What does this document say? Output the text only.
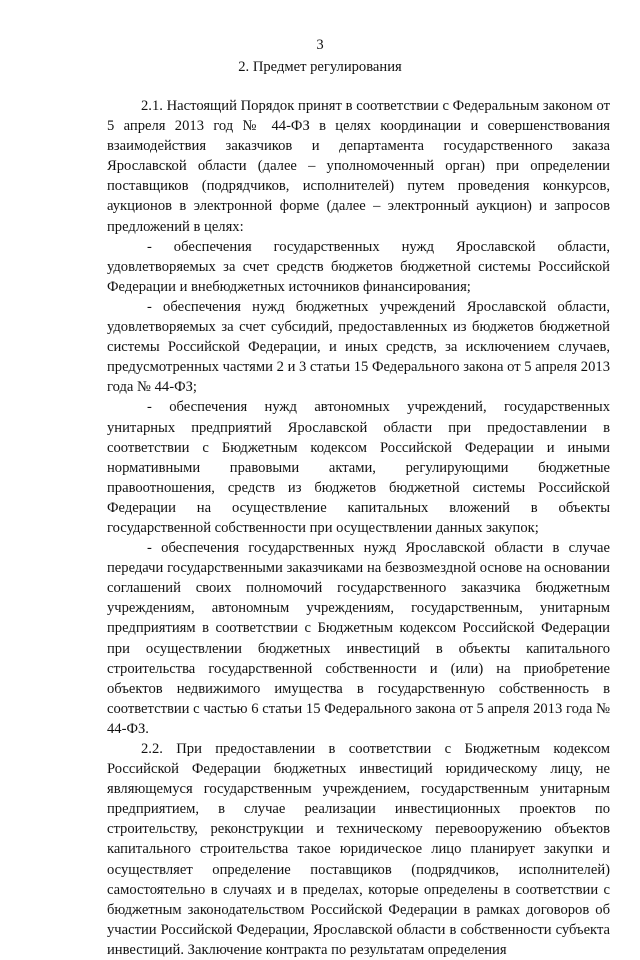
3
2. Предмет регулирования

2.1. Настоящий Порядок принят в соответствии с Федеральным законом от 5 апреля 2013 год № 44-ФЗ в целях координации и совершенствования взаимодействия заказчиков и департамента государственного заказа Ярославской области (далее – уполномоченный орган) при определении поставщиков (подрядчиков, исполнителей) путем проведения конкурсов, аукционов в электронной форме (далее – электронный аукцион) и запросов предложений в целях:

- обеспечения государственных нужд Ярославской области, удовлетворяемых за счет средств бюджетов бюджетной системы Российской Федерации и внебюджетных источников финансирования;

- обеспечения нужд бюджетных учреждений Ярославской области, удовлетворяемых за счет субсидий, предоставленных из бюджетов бюджетной системы Российской Федерации, и иных средств, за исключением случаев, предусмотренных частями 2 и 3 статьи 15 Федерального закона от 5 апреля 2013 года № 44-ФЗ;

- обеспечения нужд автономных учреждений, государственных унитарных предприятий Ярославской области при предоставлении в соответствии с Бюджетным кодексом Российской Федерации и иными нормативными правовыми актами, регулирующими бюджетные правоотношения, средств из бюджетов бюджетной системы Российской Федерации на осуществление капитальных вложений в объекты государственной собственности при осуществлении данных закупок;

- обеспечения государственных нужд Ярославской области в случае передачи государственными заказчиками на безвозмездной основе на основании соглашений своих полномочий государственного заказчика бюджетным учреждениям, автономным учреждениям, государственным, унитарным предприятиям в соответствии с Бюджетным кодексом Российской Федерации при осуществлении бюджетных инвестиций в объекты капитального строительства государственной собственности и (или) на приобретение объектов недвижимого имущества в государственную собственность в соответствии с частью 6 статьи 15 Федерального закона от 5 апреля 2013 года № 44-ФЗ.

2.2. При предоставлении в соответствии с Бюджетным кодексом Российской Федерации бюджетных инвестиций юридическому лицу, не являющемуся государственным учреждением, государственным унитарным предприятием, в случае реализации инвестиционных проектов по строительству, реконструкции и техническому перевооружению объектов капитального строительства такое юридическое лицо планирует закупки и осуществляет определение поставщиков (подрядчиков, исполнителей) самостоятельно в случаях и в пределах, которые определены в соответствии с бюджетным законодательством Российской Федерации в рамках договоров об участии Российской Федерации, Ярославской области в собственности субъекта инвестиций. Заключение контракта по результатам определения
